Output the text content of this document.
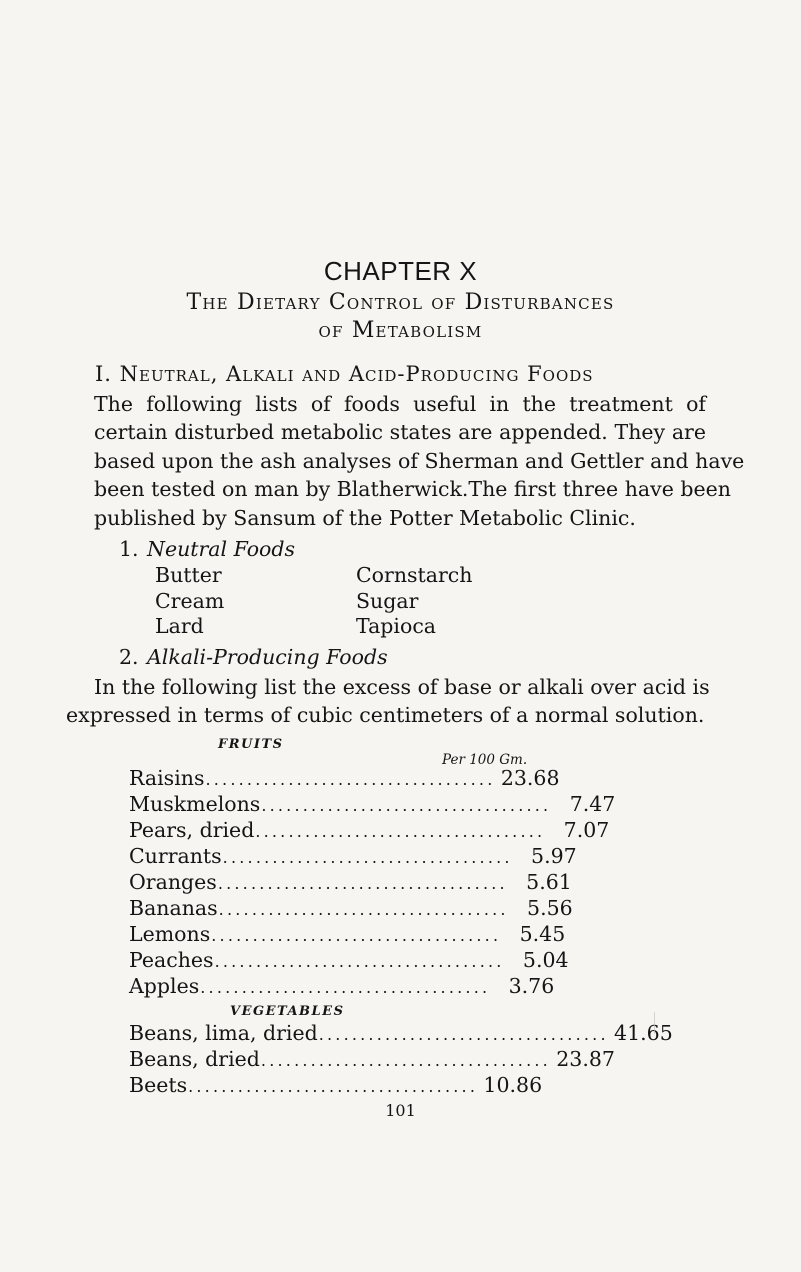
CHAPTER X
The Dietary Control of Disturbances
of Metabolism
I. Neutral, Alkali and Acid-Producing Foods
The following lists of foods useful in the treatment of
certain disturbed metabolic states are appended. They are
based upon the ash analyses of Sherman and Gettler and have
been tested on man by Blatherwick.The first three have been
published by Sansum of the Potter Metabolic Clinic.
1. Neutral Foods
Butter
Cream
Lard
Cornstarch
Sugar
Tapioca
2. Alkali-Producing Foods
In the following list the excess of base or alkali over acid is
expressed in terms of cubic centimeters of a normal solution.
FRUITS
Per 100 Gm.
Raisins ................................... 23.68
Muskmelons ................................... 7.47
Pears, dried ................................... 7.07
Currants ................................... 5.97
Oranges ................................... 5.61
Bananas ................................... 5.56
Lemons ................................... 5.45
Peaches ................................... 5.04
Apples ................................... 3.76
VEGETABLES
Beans, lima, dried ................................... 41.65
Beans, dried ................................... 23.87
Beets ................................... 10.86
101
